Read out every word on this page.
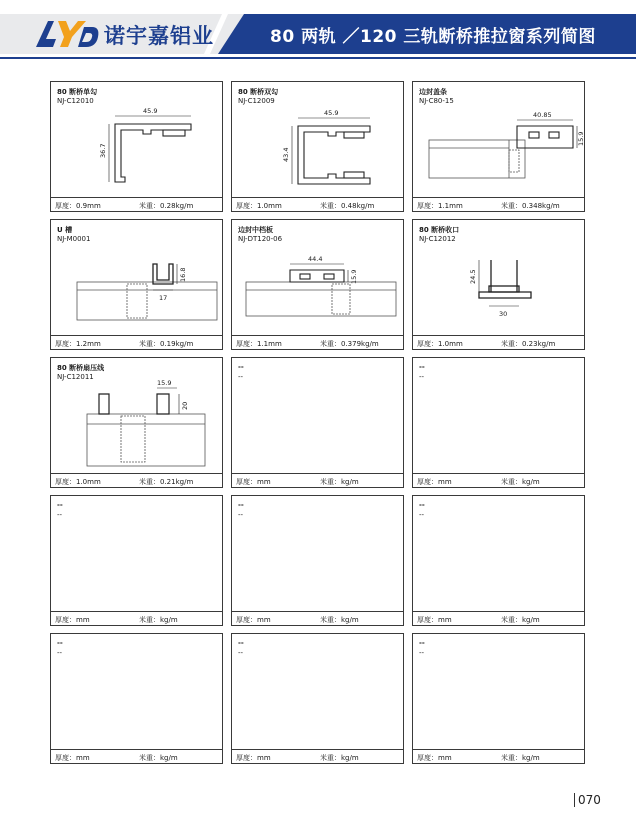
诺宇嘉铝业	80 两轨 ／120 三轨断桥推拉窗系列简图
80 断桥单勾
NJ-C12010
45.9
36.7
厚度：0.9mm	米重：0.28kg/m
80 断桥双勾
NJ-C12009
45.9
43.4
厚度：1.0mm	米重：0.48kg/m
边封盖条
NJ-C80-15
40.85
15.9
厚度：1.1mm	米重：0.348kg/m
U 槽
NJ-M0001
16.8
17
厚度：1.2mm	米重：0.19kg/m
边封中档板
NJ-DT120-06
44.4
15.9
厚度：1.1mm	米重：0.379kg/m
80 断桥收口
NJ-C12012
24.5
30
厚度：1.0mm	米重：0.23kg/m
80 断桥扇压线
NJ-C12011
15.9
20
厚度：1.0mm	米重：0.21kg/m
--
--
厚度：mm	米重：kg/m
--
--
厚度：mm	米重：kg/m
--
--
厚度：mm	米重：kg/m
--
--
厚度：mm	米重：kg/m
--
--
厚度：mm	米重：kg/m
--
--
厚度：mm	米重：kg/m
--
--
厚度：mm	米重：kg/m
--
--
厚度：mm	米重：kg/m
070
